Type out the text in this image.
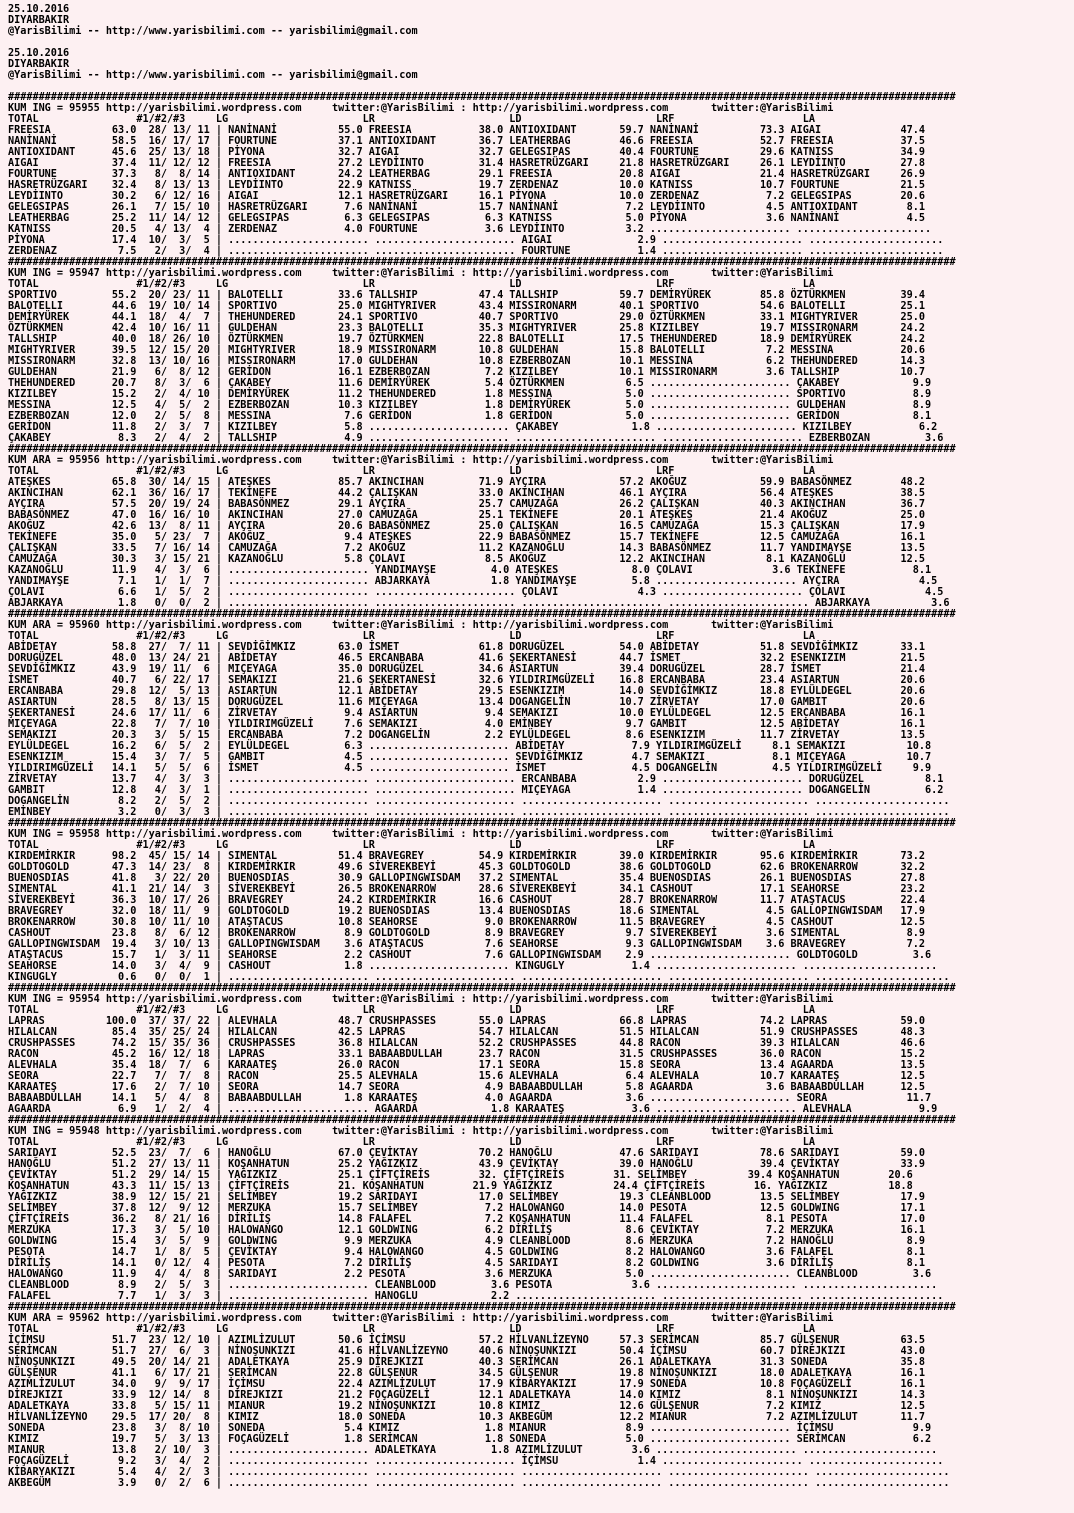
25.10.2016
DIYARBAKIR
@YarisBilimi -- http://www.yarisbilimi.com -- yarisbilimi@gmail.com
25.10.2016
DIYARBAKIR
@YarisBilimi -- http://www.yarisbilimi.com -- yarisbilimi@gmail.com
###########################################################################################################################################################
KUM ING = 95955 http://yarisbilimi.wordpress.com     twitter:@YarisBilimi : http://yarisbilimi.wordpress.com       twitter:@YarisBilimi
TOTAL                #1/#2/#3     LG                      LR                      LD                      LRF                     LA
FREESIA          63.0  28/ 13/ 11 | NANİNANİ          55.0 FREESIA           38.0 ANTIOXIDANT       59.7 NANİNANİ          73.3 AIGAI             47.4
NANİNANİ         58.5  16/ 17/ 17 | FOURTUNE          37.1 ANTIOXIDANT       36.7 LEATHERBAG        46.6 FREESIA           52.7 FREESIA           37.5
ANTIOXIDANT      45.6  25/ 13/ 18 | PİYONA            32.7 AIGAI             32.7 GELEGSIPAS        40.4 FOURTUNE          29.6 KATNISS           34.9
AIGAI            37.4  11/ 12/ 12 | FREESIA           27.2 LEYDİINTO         31.4 HASRETRÜZGARI     21.8 HASRETRÜZGARI     26.1 LEYDİINTO         27.8
FOURTUNE         37.3   8/  8/ 14 | ANTIOXIDANT       24.2 LEATHERBAG        29.1 FREESIA           20.8 AIGAI             21.4 HASRETRÜZGARI     26.9
HASRETRÜZGARI    32.4   8/ 13/ 13 | LEYDİINTO         22.9 KATNISS           19.7 ZERDENAZ          10.0 KATNISS           10.7 FOURTUNE          21.5
LEYDİINTO        30.2   6/ 12/ 16 | AIGAI             12.1 HASRETRÜZGARI     16.1 PİYONA            10.0 ZERDENAZ           7.2 GELEGSIPAS        20.6
GELEGSIPAS       26.1   7/ 15/ 10 | HASRETRÜZGARI      7.6 NANİNANİ          15.7 NANİNANİ           7.2 LEYDİINTO          4.5 ANTIOXIDANT        8.1
LEATHERBAG       25.2  11/ 14/ 12 | GELEGSIPAS         6.3 GELEGSIPAS         6.3 KATNISS            5.0 PİYONA             3.6 NANİNANİ           4.5
KATNISS          20.5   4/ 13/  4 | ZERDENAZ           4.0 FOURTUNE           3.6 LEYDİINTO          3.2 ....................... ......................
PİYONA           17.4  10/  3/  5 | ....................... ....................... AIGAI              2.9 ....................... ......................
ZERDENAZ          7.5   2/  3/  4 | ....................... ....................... FOURTUNE           1.4 ....................... ......................
###########################################################################################################################################################
KUM ING = 95947 http://yarisbilimi.wordpress.com     twitter:@YarisBilimi : http://yarisbilimi.wordpress.com       twitter:@YarisBilimi
TOTAL                #1/#2/#3     LG                      LR                      LD                      LRF                     LA
SPORTIVO         55.2  20/ 23/ 11 | BALOTELLI         33.6 TALLSHIP          47.4 TALLSHIP          59.7 DEMİRYÜREK        85.8 ÖZTÜRKMEN         39.4
BALOTELLI        44.6  19/ 10/ 14 | SPORTIVO          25.0 MIGHTYRIVER       43.4 MISSIRONARM       40.1 SPORTIVO          54.6 BALOTELLI         25.1
DEMİRYÜREK       44.1  18/  4/  7 | THEHUNDERED       24.1 SPORTIVO          40.7 SPORTIVO          29.0 ÖZTÜRKMEN         33.1 MIGHTYRIVER       25.0
ÖZTÜRKMEN        42.4  10/ 16/ 11 | GULDEHAN          23.3 BALOTELLI         35.3 MIGHTYRIVER       25.8 KIZILBEY          19.7 MISSIRONARM       24.2
TALLSHIP         40.0  18/ 26/ 10 | ÖZTÜRKMEN         19.7 ÖZTÜRKMEN         22.8 BALOTELLI         17.5 THEHUNDERED       18.9 DEMİRYÜREK        24.2
MIGHTYRIVER      39.5  12/ 15/ 20 | MIGHTYRIVER       18.9 MISSIRONARM       10.8 GULDEHAN          15.8 BALOTELLI          7.2 MESSINA           20.6
MISSIRONARM      32.8  13/ 10/ 16 | MISSIRONARM       17.0 GULDEHAN          10.8 EZBERBOZAN        10.1 MESSINA            6.2 THEHUNDERED       14.3
GULDEHAN         21.9   6/  8/ 12 | GERİDON           16.1 EZBERBOZAN         7.2 KIZILBEY          10.1 MISSIRONARM        3.6 TALLSHIP          10.7
THEHUNDERED      20.7   8/  3/  6 | ÇAKABEY           11.6 DEMİRYÜREK         5.4 ÖZTÜRKMEN          6.5 ....................... ÇAKABEY            9.9
KIZILBEY         15.2   2/  4/ 10 | DEMİRYÜREK        11.2 THEHUNDERED        1.8 MESSINA            5.0 ....................... SPORTIVO           8.9
MESSINA          12.5   4/  5/  2 | EZBERBOZAN        10.3 KIZILBEY           1.8 DEMİRYÜREK         5.0 ....................... GULDEHAN           8.9
EZBERBOZAN       12.0   2/  5/  8 | MESSINA            7.6 GERİDON            1.8 GERİDON            5.0 ....................... GERİDON            8.1
GERİDON          11.8   2/  3/  7 | KIZILBEY           5.8 ....................... ÇAKABEY            1.8 ....................... KIZILBEY           6.2
ÇAKABEY           8.3   2/  4/  2 | TALLSHIP           4.9 ....................... ....................... ....................... EZBERBOZAN         3.6
###########################################################################################################################################################
KUM ARA = 95956 http://yarisbilimi.wordpress.com     twitter:@YarisBilimi : http://yarisbilimi.wordpress.com       twitter:@YarisBilimi
TOTAL                #1/#2/#3     LG                      LR                      LD                      LRF                     LA
ATEŞKES          65.8  30/ 14/ 15 | ATEŞKES           85.7 AKINCIHAN         71.9 AYÇIRA            57.2 AKOĞUZ            59.9 BABASÖNMEZ        48.2
AKINCIHAN        62.1  36/ 16/ 17 | TEKİNEFE          44.2 ÇALIŞKAN          33.0 AKINCIHAN         46.1 AYÇIRA            56.4 ATEŞKES           38.5
AYÇIRA           57.5  20/ 19/ 24 | BABASÖNMEZ        29.1 AYÇIRA            25.7 CAMUZAĞA          26.2 ÇALIŞKAN          40.3 AKINCIHAN         36.7
BABASÖNMEZ       47.0  16/ 16/ 10 | AKINCIHAN         27.0 CAMUZAĞA          25.1 TEKİNEFE          20.1 ATEŞKES           21.4 AKOĞUZ            25.0
AKOĞUZ           42.6  13/  8/ 11 | AYÇIRA            20.6 BABASÖNMEZ        25.0 ÇALIŞKAN          16.5 CAMUZAĞA          15.3 ÇALIŞKAN          17.9
TEKİNEFE         35.0   5/ 23/  7 | AKOĞUZ             9.4 ATEŞKES           22.9 BABASÖNMEZ        15.7 TEKİNEFE          12.5 CAMUZAĞA          16.1
ÇALIŞKAN         33.5   7/ 16/ 14 | CAMUZAĞA           7.2 AKOĞUZ            11.2 KAZANOĞLU         14.3 BABASÖNMEZ        11.7 YANDIMAYŞE        13.5
CAMUZAĞA         30.3   3/ 15/ 21 | KAZANOĞLU          5.8 ÇOLAVI             8.5 AKOĞUZ            12.2 AKINCIHAN          8.1 KAZANOĞLU         12.5
KAZANOĞLU        11.9   4/  3/  6 | ....................... YANDIMAYŞE         4.0 ATEŞKES            8.0 ÇOLAVI             3.6 TEKİNEFE           8.1
YANDIMAYŞE        7.1   1/  1/  7 | ....................... ABJARKAYA          1.8 YANDIMAYŞE         5.8 ....................... AYÇIRA             4.5
ÇOLAVI            6.6   1/  5/  2 | ....................... ....................... ÇOLAVI             4.3 ....................... ÇOLAVI             4.5
ABJARKAYA         1.8   0/  0/  2 | ....................... ....................... ....................... ....................... ABJARKAYA          3.6
###########################################################################################################################################################
KUM ARA = 95960 http://yarisbilimi.wordpress.com     twitter:@YarisBilimi : http://yarisbilimi.wordpress.com       twitter:@YarisBilimi
TOTAL                #1/#2/#3     LG                      LR                      LD                      LRF                     LA
ABİDETAY         58.8  27/  7/ 11 | SEVDİĞİMKIZ       63.0 İSMET             61.8 DORUGÜZEL         54.0 ABİDETAY          51.8 SEVDİĞİMKIZ       33.1
DORUGÜZEL        48.0  13/ 24/ 21 | ABİDETAY          46.5 ERCANBABA         41.6 ŞEKERTANESİ       44.7 İSMET             32.2 ESENKIZIM         21.5
SEVDİĞİMKIZ      43.9  19/ 11/  6 | MIÇEYAGA          35.0 DORUGÜZEL         34.6 ASIARTUN          39.4 DORUGÜZEL         28.7 İSMET             21.4
İSMET            40.7   6/ 22/ 17 | SEMAKIZI          21.6 ŞEKERTANESİ       32.6 YILDIRIMGÜZELİ    16.8 ERCANBABA         23.4 ASIARTUN          20.6
ERCANBABA        29.8  12/  5/ 13 | ASIARTUN          12.1 ABİDETAY          29.5 ESENKIZIM         14.0 SEVDİĞİMKIZ       18.8 EYLÜLDEGEL        20.6
ASIARTUN         28.5   8/ 13/ 15 | DORUGÜZEL         11.6 MIÇEYAGA          13.4 DOGANGELİN        10.7 ZİRVETAY          17.0 GAMBIT            20.6
ŞEKERTANESİ      24.6  17/ 11/  6 | ZİRVETAY           9.4 ASIARTUN           9.4 SEMAKIZI          10.0 EYLÜLDEGEL        12.5 ERCANBABA         16.1
MIÇEYAGA         22.8   7/  7/ 10 | YILDIRIMGÜZELİ     7.6 SEMAKIZI           4.0 EMİNBEY            9.7 GAMBIT            12.5 ABİDETAY          16.1
SEMAKIZI         20.3   3/  5/ 15 | ERCANBABA          7.2 DOGANGELİN         2.2 EYLÜLDEGEL         8.6 ESENKIZIM         11.7 ZİRVETAY          13.5
EYLÜLDEGEL       16.2   6/  5/  2 | EYLÜLDEGEL         6.3 ....................... ABİDETAY           7.9 YILDIRIMGÜZELİ     8.1 SEMAKIZI          10.8
ESENKIZIM        15.4   3/  7/  5 | GAMBIT             4.5 ....................... SEVDİĞİMKIZ        4.7 SEMAKIZI           8.1 MIÇEYAGA          10.7
YILDIRIMGÜZELİ   14.1   5/  5/  6 | İSMET              4.5 ....................... İSMET              4.5 DOGANGELİN         4.5 YILDIRIMGÜZELİ     9.9
ZİRVETAY         13.7   4/  3/  3 | ....................... ....................... ERCANBABA          2.9 ....................... DORUGÜZEL          8.1
GAMBIT           12.8   4/  3/  1 | ....................... ....................... MIÇEYAGA           1.4 ....................... DOGANGELİN         6.2
DOGANGELİN        8.2   2/  5/  2 | ....................... ....................... ....................... ....................... ......................
EMİNBEY           3.2   0/  3/  3 | ....................... ....................... ....................... ....................... ......................
###########################################################################################################################################################
KUM ING = 95958 http://yarisbilimi.wordpress.com     twitter:@YarisBilimi : http://yarisbilimi.wordpress.com       twitter:@YarisBilimi
TOTAL                #1/#2/#3     LG                      LR                      LD                      LRF                     LA
KIRDEMİRKIR      98.2  45/ 15/ 14 | SIMENTAL          51.4 BRAVEGREY         54.9 KIRDEMİRKIR       39.0 KIRDEMİRKIR       95.6 KIRDEMİRKIR       73.2
GOLDTOGOLD       47.3  14/ 23/  8 | KIRDEMİRKIR       49.6 SİVEREKBEYİ       45.3 GOLDTOGOLD        38.6 GOLDTOGOLD        62.6 BROKENARROW       32.2
BUENOSDIAS       41.8   3/ 22/ 20 | BUENOSDIAS        30.9 GALLOPINGWISDAM   37.2 SIMENTAL          35.4 BUENOSDIAS        26.1 BUENOSDIAS        27.8
SIMENTAL         41.1  21/ 14/  3 | SİVEREKBEYİ       26.5 BROKENARROW       28.6 SİVEREKBEYİ       34.1 CASHOUT           17.1 SEAHORSE          23.2
SİVEREKBEYİ      36.3  10/ 17/ 26 | BRAVEGREY         24.2 KIRDEMİRKIR       16.6 CASHOUT           28.7 BROKENARROW       11.7 ATAŞTACUS         22.4
BRAVEGREY        32.0  18/ 11/  9 | GOLDTOGOLD        19.2 BUENOSDIAS        13.4 BUENOSDIAS        18.6 SIMENTAL           4.5 GALLOPINGWISDAM   17.9
BROKENARROW      30.8  10/ 11/ 10 | ATAŞTACUS         10.8 SEAHORSE           9.0 BROKENARROW       11.5 BRAVEGREY          4.5 CASHOUT           12.5
CASHOUT          23.8   8/  6/ 12 | BROKENARROW        8.9 GOLDTOGOLD         8.9 BRAVEGREY          9.7 SİVEREKBEYİ        3.6 SIMENTAL           8.9
GALLOPINGWISDAM  19.4   3/ 10/ 13 | GALLOPINGWISDAM    3.6 ATAŞTACUS          7.6 SEAHORSE           9.3 GALLOPINGWISDAM    3.6 BRAVEGREY          7.2
ATAŞTACUS        15.7   1/  3/ 11 | SEAHORSE           2.2 CASHOUT            7.6 GALLOPINGWISDAM    2.9 ....................... GOLDTOGOLD         3.6
SEAHORSE         14.0   3/  4/  9 | CASHOUT            1.8 ....................... KINGUGLY           1.4 ....................... ......................
KINGUGLY          0.6   0/  0/  1 | ....................... ....................... ....................... ....................... ......................
###########################################################################################################################################################
KUM ING = 95954 http://yarisbilimi.wordpress.com     twitter:@YarisBilimi : http://yarisbilimi.wordpress.com       twitter:@YarisBilimi
TOTAL                #1/#2/#3     LG                      LR                      LD                      LRF                     LA
LAPRAS          100.0  37/ 37/ 22 | ALEVHALA          48.7 CRUSHPASSES       55.0 LAPRAS            66.8 LAPRAS            74.2 LAPRAS            59.0
HILALCAN         85.4  35/ 25/ 24 | HILALCAN          42.5 LAPRAS            54.7 HILALCAN          51.5 HILALCAN          51.9 CRUSHPASSES       48.3
CRUSHPASSES      74.2  15/ 35/ 36 | CRUSHPASSES       36.8 HILALCAN          52.2 CRUSHPASSES       44.8 RACON             39.3 HILALCAN          46.6
RACON            45.2  16/ 12/ 18 | LAPRAS            33.1 BABAABDULLAH      23.7 RACON             31.5 CRUSHPASSES       36.0 RACON             15.2
ALEVHALA         35.4  18/  7/  6 | KARAATEŞ          26.0 RACON             17.1 SEORA             15.8 SEORA             13.4 AGAARDA           13.5
SEORA            22.7   7/  7/  8 | RACON             25.5 ALEVHALA          15.6 ALEVHALA           6.4 ALEVHALA          10.7 KARAATEŞ          12.5
KARAATEŞ         17.6   2/  7/ 10 | SEORA             14.7 SEORA              4.9 BABAABDULLAH       5.8 AGAARDA            3.6 BABAABDULLAH      12.5
BABAABDULLAH     14.1   5/  4/  8 | BABAABDULLAH       1.8 KARAATEŞ           4.0 AGAARDA            3.6 ....................... SEORA             11.7
AGAARDA           6.9   1/  2/  4 | ....................... AGAARDA            1.8 KARAATEŞ           3.6 ....................... ALEVHALA           9.9
###########################################################################################################################################################
KUM ING = 95948 http://yarisbilimi.wordpress.com     twitter:@YarisBilimi : http://yarisbilimi.wordpress.com       twitter:@YarisBilimi
TOTAL                #1/#2/#3     LG                      LR                      LD                      LRF                     LA
SARIDAYI         52.5  23/  7/  6 | HANOĞLU           67.0 ÇEVİKTAY          70.2 HANOĞLU           47.6 SARIDAYI          78.6 SARIDAYI          59.0
HANOĞLU          51.2  27/ 13/ 11 | KOŞANHATUN        25.2 YAĞIZKIZ          43.9 ÇEVİKTAY          39.0 HANOĞLU           39.4 ÇEVİKTAY          33.9
ÇEVİKTAY         51.2  29/ 14/ 15 | YAĞIZKIZ          25.1 ÇİFTÇİREİS        32. ÇİFTÇİREİS        31. SELİMBEY          39.4 KOŞANHATUN        20.6
KOŞANHATUN       43.3  11/ 15/ 13 | ÇİFTÇİREİS        21. KOŞANHATUN        21.9 YAĞIZKIZ          24.4 ÇİFTÇİREİS        16. YAĞIZKIZ          18.8
YAĞIZKIZ         38.9  12/ 15/ 21 | SELİMBEY          19.2 SARIDAYI          17.0 SELİMBEY          19.3 CLEANBLOOD        13.5 SELİMBEY          17.9
SELİMBEY         37.8  12/  9/ 12 | MERZUKA           15.7 SELİMBEY           7.2 HALOWANGO         14.0 PESOTA            12.5 GOLDWING          17.1
ÇİFTÇİREİS       36.2   8/ 21/ 16 | DİRİLİŞ           14.8 FALAFEL            7.2 KOŞANHATUN        11.4 FALAFEL            8.1 PESOTA            17.0
MERZUKA          17.3   3/  5/ 10 | HALOWANGO         12.1 GOLDWING           6.2 DİRİLİŞ            8.6 ÇEVİKTAY           7.2 MERZUKA           16.1
GOLDWING         15.4   3/  5/  9 | GOLDWING           9.9 MERZUKA            4.9 CLEANBLOOD         8.6 MERZUKA            7.2 HANOĞLU            8.9
PESOTA           14.7   1/  8/  5 | ÇEVİKTAY           9.4 HALOWANGO          4.5 GOLDWING           8.2 HALOWANGO          3.6 FALAFEL            8.1
DİRİLİŞ          14.1   0/ 12/  4 | PESOTA             7.2 DİRİLİŞ            4.5 SARIDAYI           8.2 GOLDWING           3.6 DİRİLİŞ            8.1
HALOWANGO        11.9   4/  4/  8 | SARIDAYI           2.2 PESOTA             3.6 MERZUKA            5.0 ....................... CLEANBLOOD         3.6
CLEANBLOOD        8.9   2/  5/  3 | ....................... CLEANBLOOD         3.6 PESOTA             3.6 ....................... ......................
FALAFEL           7.7   1/  3/  3 | ....................... HANOGLU            2.2 ....................... ....................... ......................
###########################################################################################################################################################
KUM ARA = 95962 http://yarisbilimi.wordpress.com     twitter:@YarisBilimi : http://yarisbilimi.wordpress.com       twitter:@YarisBilimi
TOTAL                #1/#2/#3     LG                      LR                      LD                      LRF                     LA
İÇİMSU           51.7  23/ 12/ 10 | AZIMLİZULUT       50.6 İÇİMSU            57.2 HİLVANLİZEYNO     57.3 SERİMCAN          85.7 GÜLŞENUR          63.5
SERİMCAN         51.7  27/  6/  3 | NİNOŞUNKIZI       41.6 HİLVANLİZEYNO     40.6 NİNOŞUNKIZI       50.4 İÇİMSU            60.7 DİREJKIZI         43.0
NİNOŞUNKIZI      49.5  20/ 14/ 21 | ADALETKAYA        25.9 DİREJKIZI         40.3 SERİMCAN          26.1 ADALETKAYA        31.3 SONEDA            35.8
GÜLŞENUR         41.1   6/ 17/ 21 | SERİMCAN          22.8 GÜLŞENUR          34.5 GÜLŞENUR          19.8 NİNOŞUNKIZI       18.0 ADALETKAYA        16.1
AZIMLİZULUT      34.0   9/  9/ 17 | İÇİMSU            22.4 AZIMLİZULUT       17.9 KİBARYAKIZI       17.9 SONEDA            10.8 FOÇAGÜZELİ        16.1
DİREJKIZI        33.9  12/ 14/  8 | DİREJKIZI         21.2 FOÇAGÜZELİ        12.1 ADALETKAYA        14.0 KIMIZ              8.1 NİNOŞUNKIZI       14.3
ADALETKAYA       33.8   5/ 15/ 11 | MIANUR            19.2 NİNOŞUNKIZI       10.8 KIMIZ             12.6 GÜLŞENUR           7.2 KIMIZ             12.5
HİLVANLİZEYNO    29.5  17/ 20/  8 | KIMIZ             18.0 SONEDA            10.3 AKBEGÜM           12.2 MIANUR             7.2 AZIMLİZULUT       11.7
SONEDA           23.8   3/  8/ 10 | SONEDA             5.4 KIMIZ              1.8 MIANUR             8.9 ....................... İÇİMSU             9.9
KIMIZ            19.7   5/  3/ 13 | FOÇAGÜZELİ         1.8 SERİMCAN           1.8 SONEDA             5.0 ....................... SERİMCAN           6.2
MIANUR           13.8   2/ 10/  3 | ....................... ADALETKAYA         1.8 AZIMLİZULUT        3.6 ....................... ......................
FOÇAGÜZELİ        9.2   3/  4/  2 | ....................... ....................... İÇİMSU             1.4 ....................... ......................
KİBARYAKIZI       5.4   4/  2/  3 | ....................... ....................... ....................... ....................... ......................
AKBEGÜM           3.9   0/  2/  6 | ....................... ....................... ....................... ....................... ......................
